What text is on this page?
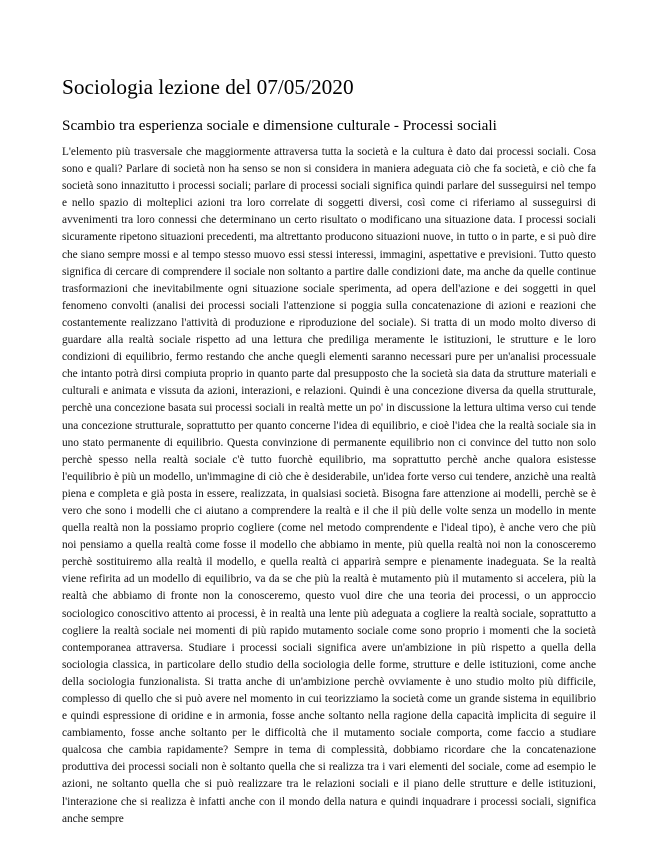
Sociologia lezione del 07/05/2020
Scambio tra esperienza sociale e dimensione culturale - Processi sociali

L'elemento più trasversale che maggiormente attraversa tutta la società e la cultura è dato dai processi sociali. Cosa sono e quali? Parlare di società non ha senso se non si considera in maniera adeguata ciò che fa società, e ciò che fa società sono innazitutto i processi sociali; parlare di processi sociali significa quindi parlare del susseguirsi nel tempo e nello spazio di molteplici azioni tra loro correlate di soggetti diversi, così come ci riferiamo al susseguirsi di avvenimenti tra loro connessi che determinano un certo risultato o modificano una situazione data. I processi sociali sicuramente ripetono situazioni precedenti, ma altrettanto producono situazioni nuove, in tutto o in parte, e si può dire che siano sempre mossi e al tempo stesso muovo essi stessi interessi, immagini, aspettative e previsioni. Tutto questo significa di cercare di comprendere il sociale non soltanto a partire dalle condizioni date, ma anche da quelle continue trasformazioni che inevitabilmente ogni situazione sociale sperimenta, ad opera dell'azione e dei soggetti in quel fenomeno convolti (analisi dei processi sociali l'attenzione si poggia sulla concatenazione di azioni e reazioni che costantemente realizzano l'attività di produzione e riproduzione del sociale). Si tratta di un modo molto diverso di guardare alla realtà sociale rispetto ad una lettura che prediliga meramente le istituzioni, le strutture e le loro condizioni di equilibrio, fermo restando che anche quegli elementi saranno necessari pure per un'analisi processuale che intanto potrà dirsi compiuta proprio in quanto parte dal presupposto che la società sia data da strutture materiali e culturali e animata e vissuta da azioni, interazioni, e relazioni. Quindi è una concezione diversa da quella strutturale, perchè una concezione basata sui processi sociali in realtà mette un po' in discussione la lettura ultima verso cui tende una concezione strutturale, soprattutto per quanto concerne l'idea di equilibrio, e cioè l'idea che la realtà sociale sia in uno stato permanente di equilibrio. Questa convinzione di permanente equilibrio non ci convince del tutto non solo perchè spesso nella realtà sociale c'è tutto fuorchè equilibrio, ma soprattutto perchè anche qualora esistesse l'equilibrio è più un modello, un'immagine di ciò che è desiderabile, un'idea forte verso cui tendere, anzichè una realtà piena e completa e già posta in essere, realizzata, in qualsiasi società. Bisogna fare attenzione ai modelli, perchè se è vero che sono i modelli che ci aiutano a comprendere la realtà e il che il più delle volte senza un modello in mente quella realtà non la possiamo proprio cogliere (come nel metodo comprendente e l'ideal tipo), è anche vero che più noi pensiamo a quella realtà come fosse il modello che abbiamo in mente, più quella realtà noi non la conosceremo perchè sostituiremo alla realtà il modello, e quella realtà ci apparirà sempre e pienamente inadeguata. Se la realtà viene refirita ad un modello di equilibrio, va da se che più la realtà è mutamento più il mutamento si accelera, più la realtà che abbiamo di fronte non la conosceremo, questo vuol dire che una teoria dei processi, o un approccio sociologico conoscitivo attento ai processi, è in realtà una lente più adeguata a cogliere la realtà sociale, soprattutto a cogliere la realtà sociale nei momenti di più rapido mutamento sociale come sono proprio i momenti che la società contemporanea attraversa. Studiare i processi sociali significa avere un'ambizione in più rispetto a quella della sociologia classica, in particolare dello studio della sociologia delle forme, strutture e delle istituzioni, come anche della sociologia funzionalista. Si tratta anche di un'ambizione perchè ovviamente è uno studio molto più difficile, complesso di quello che si può avere nel momento in cui teorizziamo la società come un grande sistema in equilibrio e quindi espressione di oridine e in armonia, fosse anche soltanto nella ragione della capacità implicita di seguire il cambiamento, fosse anche soltanto per le difficoltà che il mutamento sociale comporta, come faccio a studiare qualcosa che cambia rapidamente? Sempre in tema di complessità, dobbiamo ricordare che la concatenazione produttiva dei processi sociali non è soltanto quella che si realizza tra i vari elementi del sociale, come ad esempio le azioni, ne soltanto quella che si può realizzare tra le relazioni sociali e il piano delle strutture e delle istituzioni, l'interazione che si realizza è infatti anche con il mondo della natura e quindi inquadrare i processi sociali, significa anche sempre
